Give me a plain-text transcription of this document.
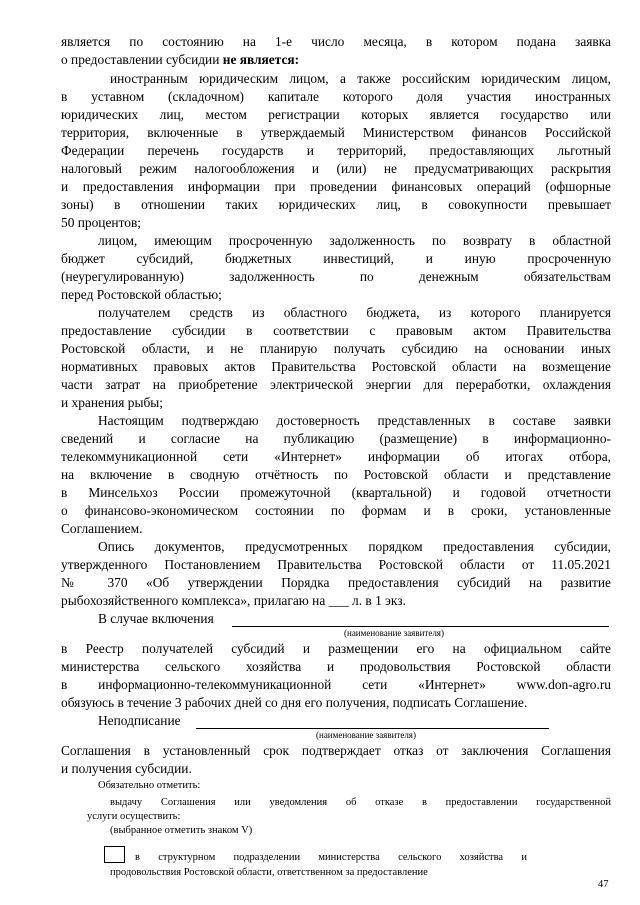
является по состоянию на 1-е число месяца, в котором подана заявка
о предоставлении субсидии не является:
иностранным юридическим лицом, а также российским юридическим лицом,
в уставном (складочном) капитале которого доля участия иностранных
юридических лиц, местом регистрации которых является государство или
территория, включенные в утверждаемый Министерством финансов Российской
Федерации перечень государств и территорий, предоставляющих льготный
налоговый режим налогообложения и (или) не предусматривающих раскрытия
и предоставления информации при проведении финансовых операций (офшорные
зоны) в отношении таких юридических лиц, в совокупности превышает
50 процентов;
лицом, имеющим просроченную задолженность по возврату в областной
бюджет субсидий, бюджетных инвестиций, и иную просроченную
(неурегулированную) задолженность по денежным обязательствам
перед Ростовской областью;
получателем средств из областного бюджета, из которого планируется
предоставление субсидии в соответствии с правовым актом Правительства
Ростовской области, и не планирую получать субсидию на основании иных
нормативных правовых актов Правительства Ростовской области на возмещение
части затрат на приобретение электрической энергии для переработки, охлаждения
и хранения рыбы;
Настоящим подтверждаю достоверность представленных в составе заявки
сведений и согласие на публикацию (размещение) в информационно-
телекоммуникационной сети «Интернет» информации об итогах отбора,
на включение в сводную отчётность по Ростовской области и представление
в Минсельхоз России промежуточной (квартальной) и годовой отчетности
о финансово-экономическом состоянии по формам и в сроки, установленные
Соглашением.
Опись документов, предусмотренных порядком предоставления субсидии,
утвержденного Постановлением Правительства Ростовской области от 11.05.2021
№ 370 «Об утверждении Порядка предоставления субсидий на развитие
рыбохозяйственного комплекса», прилагаю на ___ л. в 1 экз.
В случае включения
(наименование заявителя)
в Реестр получателей субсидий и размещении его на официальном сайте
министерства сельского хозяйства и продовольствия Ростовской области
в информационно-телекоммуникационной сети «Интернет» www.don-agro.ru
обязуюсь в течение 3 рабочих дней со дня его получения, подписать Соглашение.
Неподписание
(наименование заявителя)
Соглашения в установленный срок подтверждает отказ от заключения Соглашения
и получения субсидии.
Обязательно отметить:
выдачу Соглашения или уведомления об отказе в предоставлении государственной
услуги осуществить:
(выбранное отметить знаком V)
в структурном подразделении министерства сельского хозяйства и
продовольствия Ростовской области, ответственном за предоставление
47
